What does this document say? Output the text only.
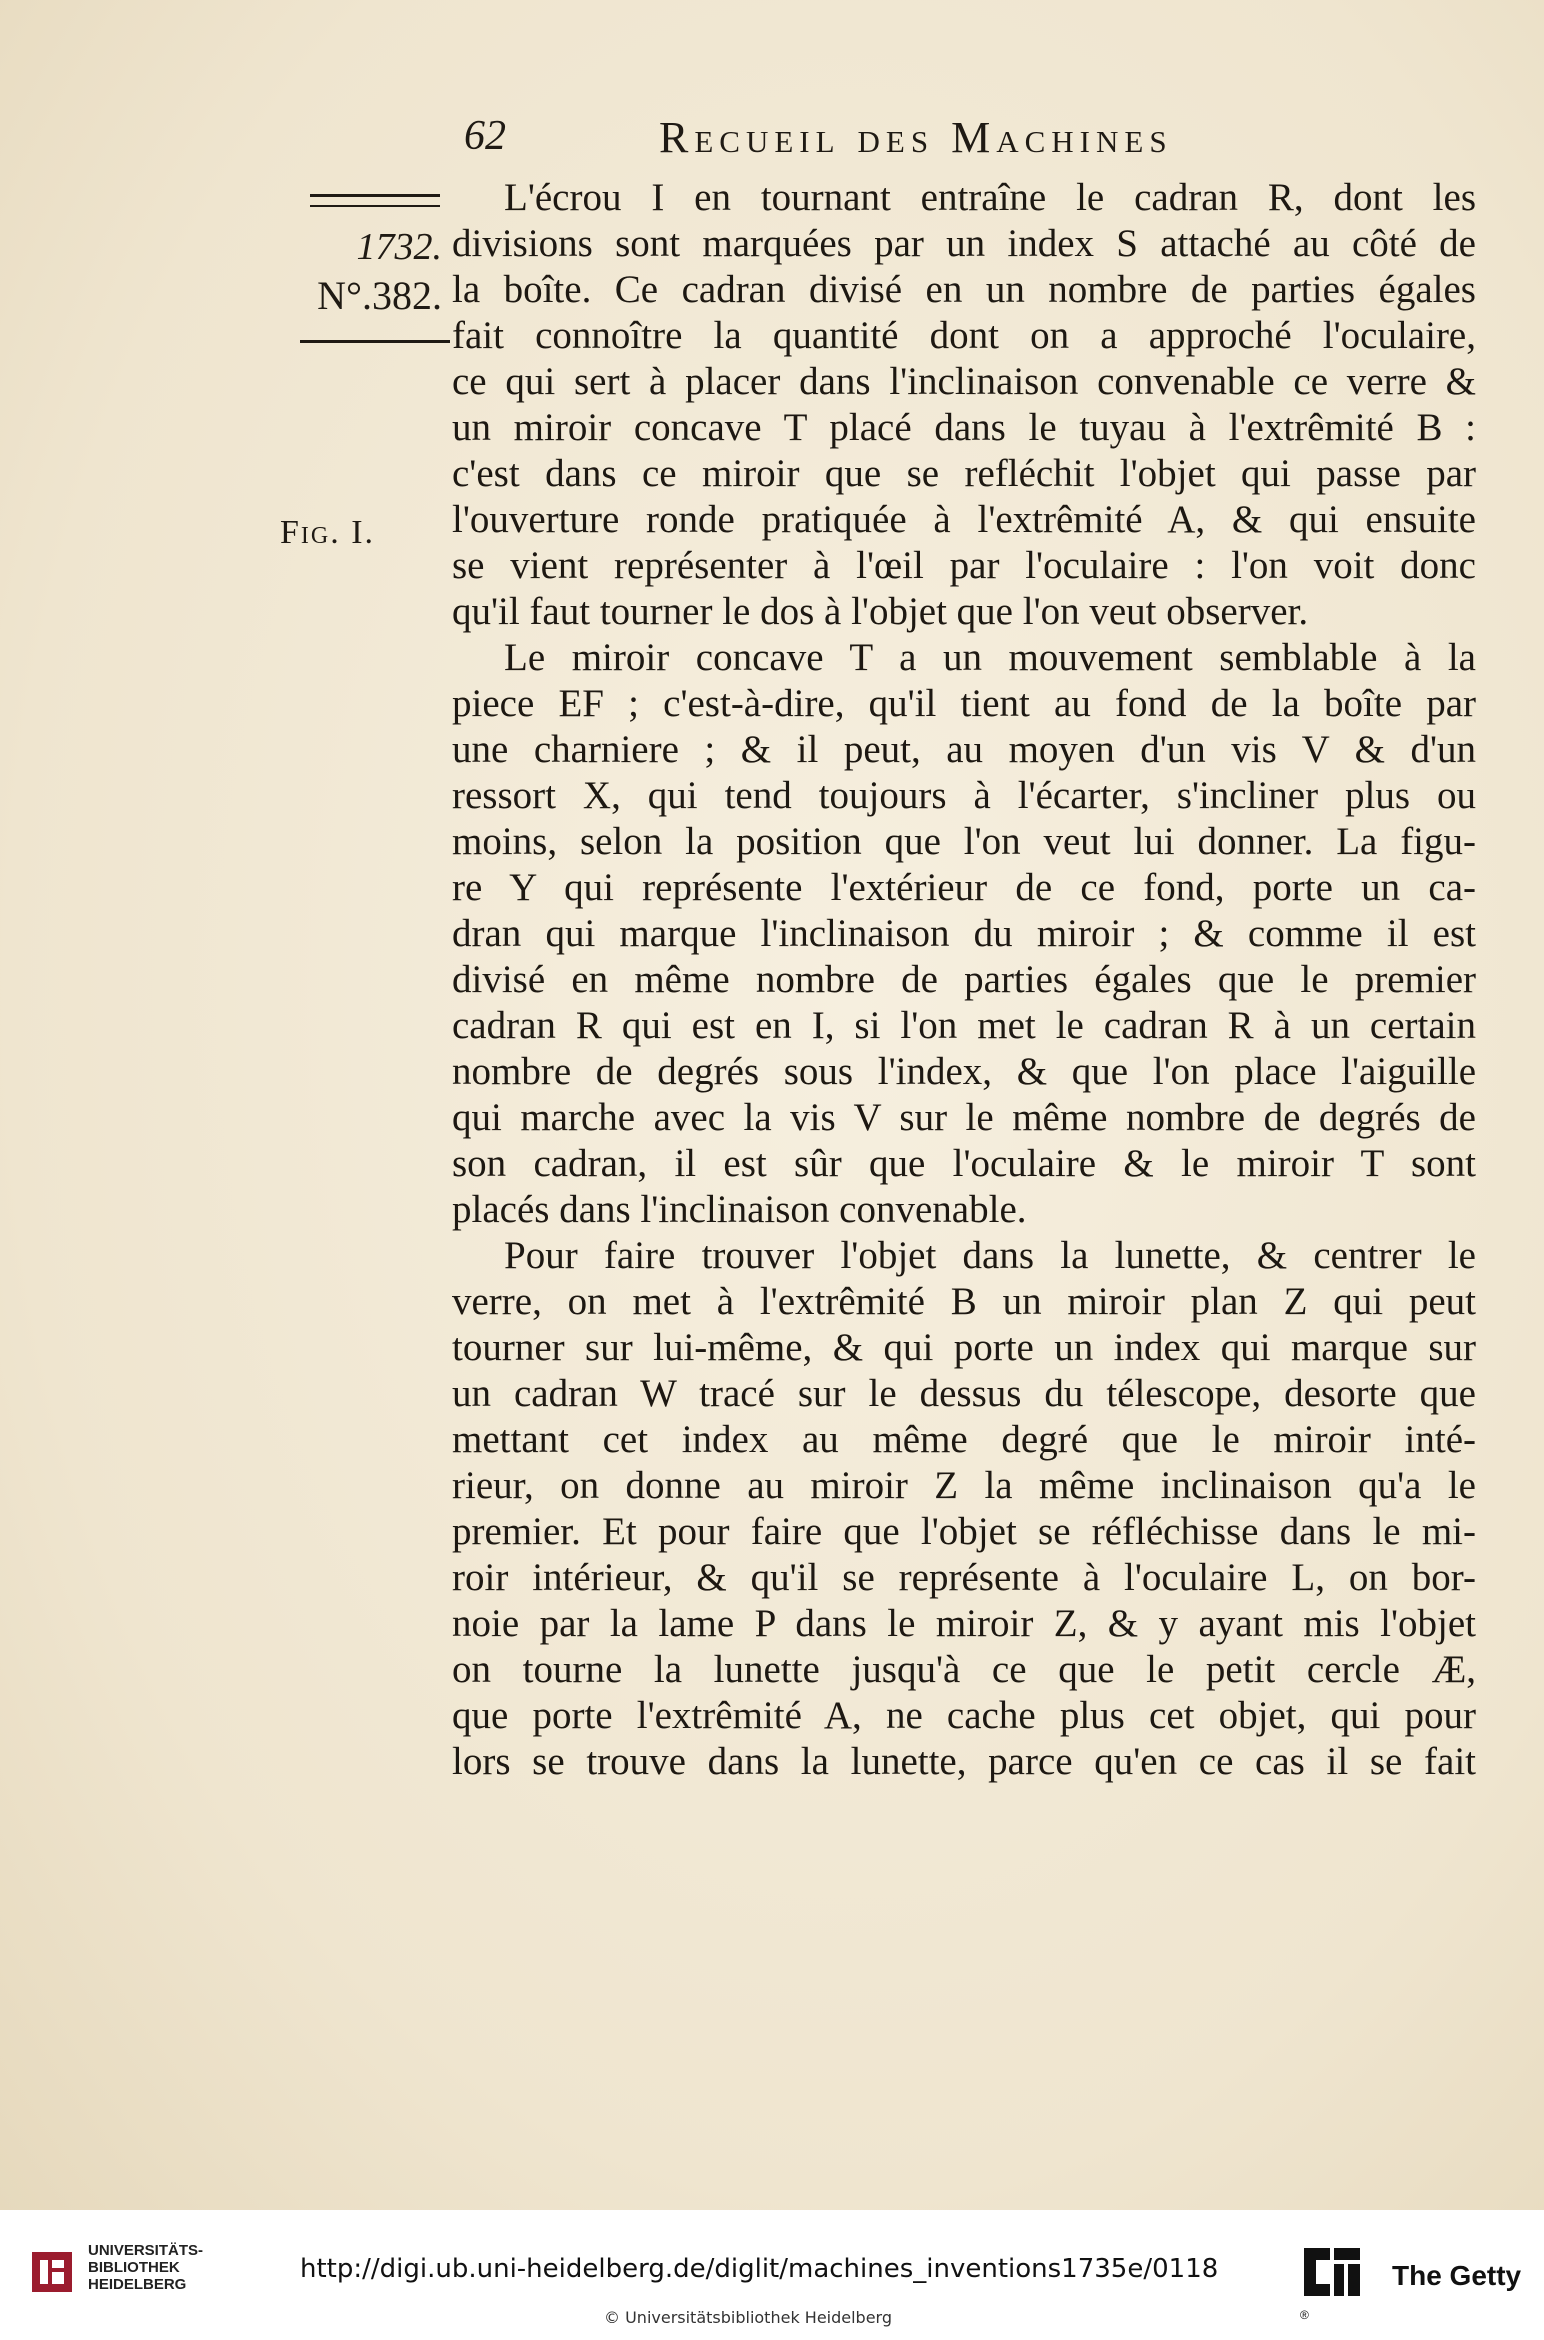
62	Recueil des Machines
1732.
N°.382.
Fig. I.
L'écrou I en tournant entraîne le cadran R, dont les
divisions sont marquées par un index S attaché au côté de
la boîte. Ce cadran divisé en un nombre de parties égales
fait connoître la quantité dont on a approché l'oculaire,
ce qui sert à placer dans l'inclinaison convenable ce verre &
un miroir concave T placé dans le tuyau à l'extrêmité B :
c'est dans ce miroir que se refléchit l'objet qui passe par
l'ouverture ronde pratiquée à l'extrêmité A, & qui ensuite
se vient représenter à l'œil par l'oculaire : l'on voit donc
qu'il faut tourner le dos à l'objet que l'on veut observer.
Le miroir concave T a un mouvement semblable à la
piece EF ; c'est-à-dire, qu'il tient au fond de la boîte par
une charniere ; & il peut, au moyen d'un vis V & d'un
ressort X, qui tend toujours à l'écarter, s'incliner plus ou
moins, selon la position que l'on veut lui donner. La figu-
re Y qui représente l'extérieur de ce fond, porte un ca-
dran qui marque l'inclinaison du miroir ; & comme il est
divisé en même nombre de parties égales que le premier
cadran R qui est en I, si l'on met le cadran R à un certain
nombre de degrés sous l'index, & que l'on place l'aiguille
qui marche avec la vis V sur le même nombre de degrés de
son cadran, il est sûr que l'oculaire & le miroir T sont
placés dans l'inclinaison convenable.
Pour faire trouver l'objet dans la lunette, & centrer le
verre, on met à l'extrêmité B un miroir plan Z qui peut
tourner sur lui-même, & qui porte un index qui marque sur
un cadran W tracé sur le dessus du télescope, desorte que
mettant cet index au même degré que le miroir inté-
rieur, on donne au miroir Z la même inclinaison qu'a le
premier. Et pour faire que l'objet se réfléchisse dans le mi-
roir intérieur, & qu'il se représente à l'oculaire L, on bor-
noie par la lame P dans le miroir Z, & y ayant mis l'objet
on tourne la lunette jusqu'à ce que le petit cercle Æ,
que porte l'extrêmité A, ne cache plus cet objet, qui pour
lors se trouve dans la lunette, parce qu'en ce cas il se fait
UNIVERSITÄTS-
BIBLIOTHEK
HEIDELBERG
http://digi.ub.uni-heidelberg.de/diglit/machines_inventions1735e/0118
© Universitätsbibliothek Heidelberg
The Getty
®
